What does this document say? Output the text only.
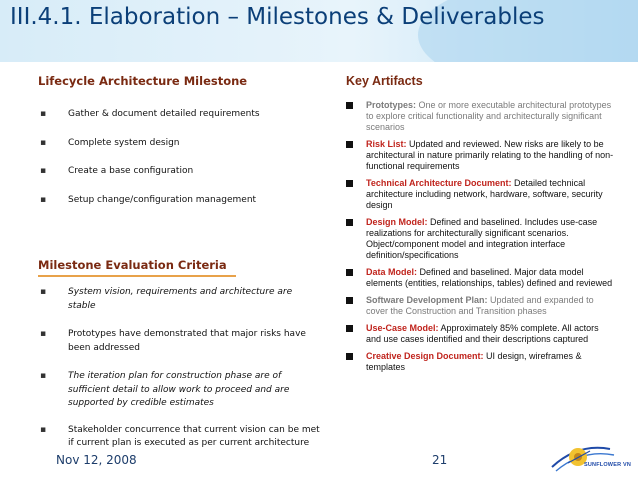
III.4.1. Elaboration – Milestones & Deliverables
Lifecycle Architecture Milestone
▪ Gather & document detailed requirements
▪ Complete system design
▪ Create a base configuration
▪ Setup change/configuration management
Milestone Evaluation Criteria
▪ System vision, requirements and architecture are stable
▪ Prototypes have demonstrated that major risks have been addressed
▪ The iteration plan for construction phase are of sufficient detail to allow work to proceed and are supported by credible estimates
▪ Stakeholder concurrence that current vision can be met if current plan is executed as per current architecture
Key Artifacts
Prototypes: One or more executable architectural prototypes to explore critical functionality and architecturally significant scenarios
Risk List: Updated and reviewed. New risks are likely to be architectural in nature primarily relating to the handling of non-functional requirements
Technical Architecture Document: Detailed technical architecture including network, hardware, software, security design
Design Model: Defined and baselined. Includes use-case realizations for architecturally significant scenarios. Object/component model and integration interface definition/specifications
Data Model: Defined and baselined. Major data model elements (entities, relationships, tables) defined and reviewed
Software Development Plan: Updated and expanded to cover the Construction and Transition phases
Use-Case Model: Approximately 85% complete. All actors and use cases identified and their descriptions captured
Creative Design Document: UI design, wireframes & templates
Nov 12, 2008	21	SUNFLOWER VN
